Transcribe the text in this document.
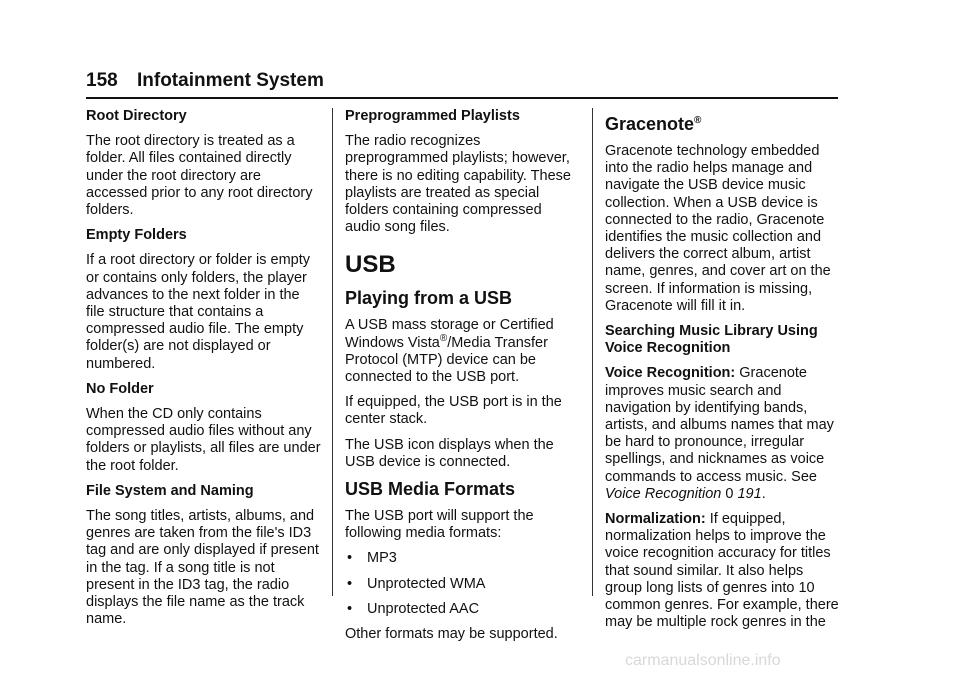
158 Infotainment System
Root Directory

The root directory is treated as a folder. All files contained directly under the root directory are accessed prior to any root directory folders.

Empty Folders

If a root directory or folder is empty or contains only folders, the player advances to the next folder in the file structure that contains a compressed audio file. The empty folder(s) are not displayed or numbered.

No Folder

When the CD only contains compressed audio files without any folders or playlists, all files are under the root folder.

File System and Naming

The song titles, artists, albums, and genres are taken from the file's ID3 tag and are only displayed if present in the tag. If a song title is not present in the ID3 tag, the radio displays the file name as the track name.

Preprogrammed Playlists

The radio recognizes preprogrammed playlists; however, there is no editing capability. These playlists are treated as special folders containing compressed audio song files.

USB
Playing from a USB

A USB mass storage or Certified Windows Vista®/Media Transfer Protocol (MTP) device can be connected to the USB port.

If equipped, the USB port is in the center stack.

The USB icon displays when the USB device is connected.

USB Media Formats

The USB port will support the following media formats:

• MP3
• Unprotected WMA
• Unprotected AAC

Other formats may be supported.

Gracenote®

Gracenote technology embedded into the radio helps manage and navigate the USB device music collection. When a USB device is connected to the radio, Gracenote identifies the music collection and delivers the correct album, artist name, genres, and cover art on the screen. If information is missing, Gracenote will fill it in.

Searching Music Library Using Voice Recognition

Voice Recognition: Gracenote improves music search and navigation by identifying bands, artists, and albums names that may be hard to pronounce, irregular spellings, and nicknames as voice commands to access music. See Voice Recognition 0 191.

Normalization: If equipped, normalization helps to improve the voice recognition accuracy for titles that sound similar. It also helps group long lists of genres into 10 common genres. For example, there may be multiple rock genres in the

carmanualsonline.info
